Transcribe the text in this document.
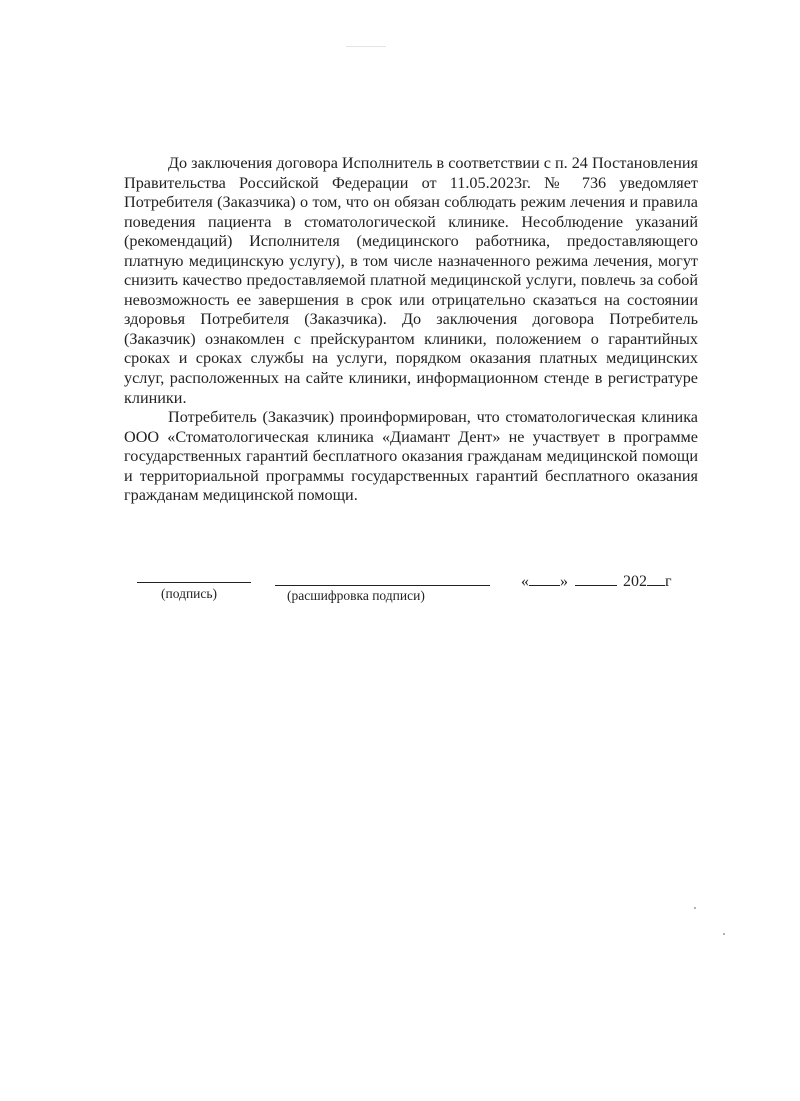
До заключения договора Исполнитель в соответствии с п. 24 Постановления Правительства Российской Федерации от 11.05.2023г. № 736 уведомляет Потребителя (Заказчика) о том, что он обязан соблюдать режим лечения и правила поведения пациента в стоматологической клинике. Несоблюдение указаний (рекомендаций) Исполнителя (медицинского работника, предоставляющего платную медицинскую услугу), в том числе назначенного режима лечения, могут снизить качество предоставляемой платной медицинской услуги, повлечь за собой невозможность ее завершения в срок или отрицательно сказаться на состоянии здоровья Потребителя (Заказчика). До заключения договора Потребитель (Заказчик) ознакомлен с прейскурантом клиники, положением о гарантийных сроках и сроках службы на услуги, порядком оказания платных медицинских услуг, расположенных на сайте клиники, информационном стенде в регистратуре клиники.

Потребитель (Заказчик) проинформирован, что стоматологическая клиника ООО «Стоматологическая клиника «Диамант Дент» не участвует в программе государственных гарантий бесплатного оказания гражданам медицинской помощи и территориальной программы государственных гарантий бесплатного оказания гражданам медицинской помощи.

(подпись)	(расшифровка подписи)
« »	202 г
